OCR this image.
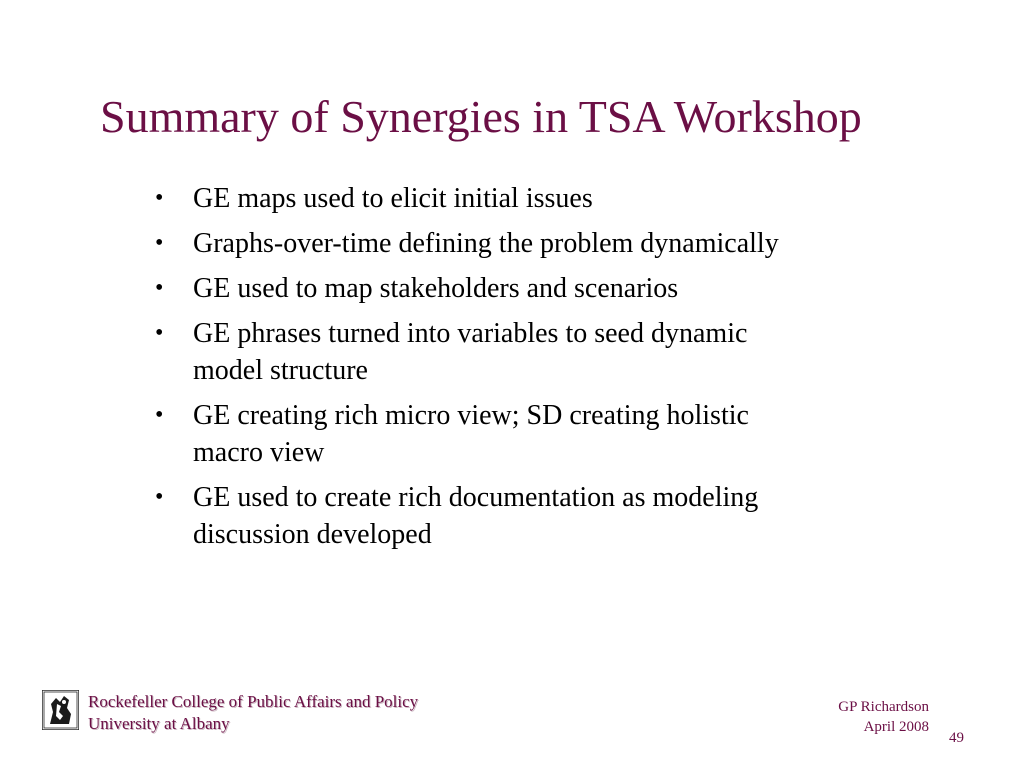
Summary of Synergies in TSA Workshop
• GE maps used to elicit initial issues
• Graphs-over-time defining the problem dynamically
• GE used to map stakeholders and scenarios
• GE phrases turned into variables to seed dynamic model structure
• GE creating rich micro view; SD creating holistic macro view
• GE used to create rich documentation as modeling discussion developed
Rockefeller College of Public Affairs and Policy
University at Albany
GP Richardson
April 2008
49
